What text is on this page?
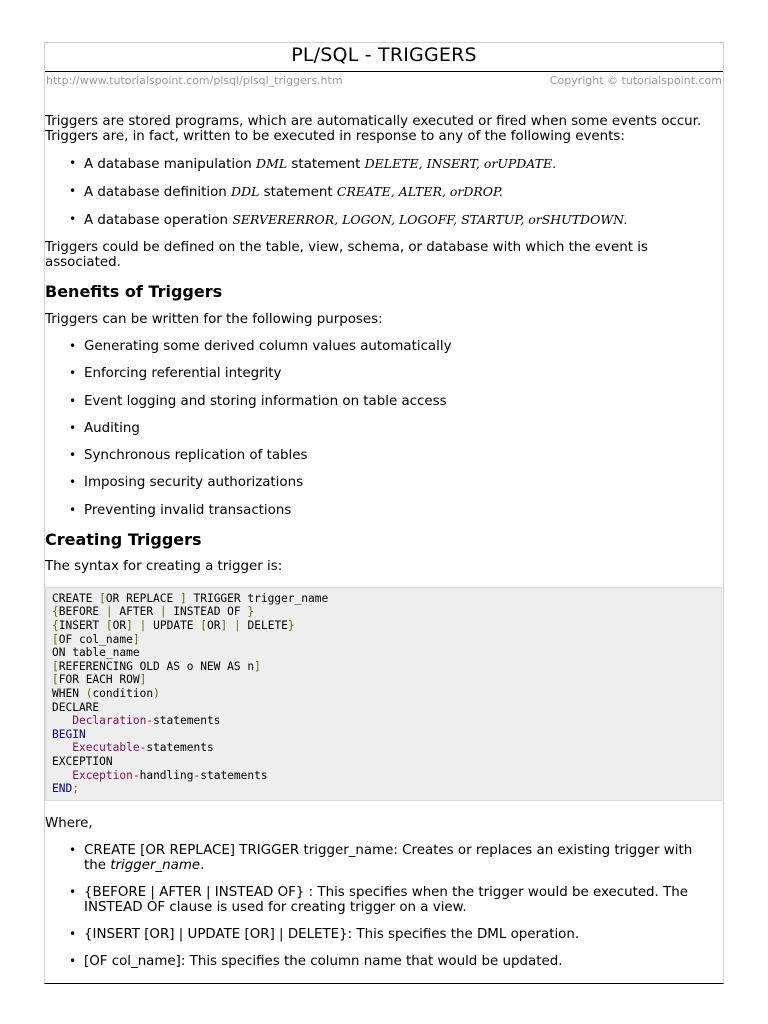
PL/SQL - TRIGGERS
http://www.tutorialspoint.com/plsql/plsql_triggers.htm	Copyright © tutorialspoint.com

Triggers are stored programs, which are automatically executed or fired when some events occur.
Triggers are, in fact, written to be executed in response to any of the following events:

• A database manipulation DML statement DELETE, INSERT, orUPDATE.
• A database definition DDL statement CREATE, ALTER, orDROP.
• A database operation SERVERERROR, LOGON, LOGOFF, STARTUP, orSHUTDOWN.

Triggers could be defined on the table, view, schema, or database with which the event is associated.

Benefits of Triggers

Triggers can be written for the following purposes:

• Generating some derived column values automatically
• Enforcing referential integrity
• Event logging and storing information on table access
• Auditing
• Synchronous replication of tables
• Imposing security authorizations
• Preventing invalid transactions
Creating Triggers

The syntax for creating a trigger is:

CREATE [OR REPLACE ] TRIGGER trigger_name
{BEFORE | AFTER | INSTEAD OF }
{INSERT [OR] | UPDATE [OR] | DELETE}
[OF col_name]
ON table_name
[REFERENCING OLD AS o NEW AS n]
[FOR EACH ROW]
WHEN (condition)
DECLARE
Declaration-statements
BEGIN
Executable-statements
EXCEPTION
Exception-handling-statements
END;

Where,

• CREATE [OR REPLACE] TRIGGER trigger_name: Creates or replaces an existing trigger with
the trigger_name.
• {BEFORE | AFTER | INSTEAD OF} : This specifies when the trigger would be executed. The
INSTEAD OF clause is used for creating trigger on a view.
• {INSERT [OR] | UPDATE [OR] | DELETE}: This specifies the DML operation.
• [OF col_name]: This specifies the column name that would be updated.
